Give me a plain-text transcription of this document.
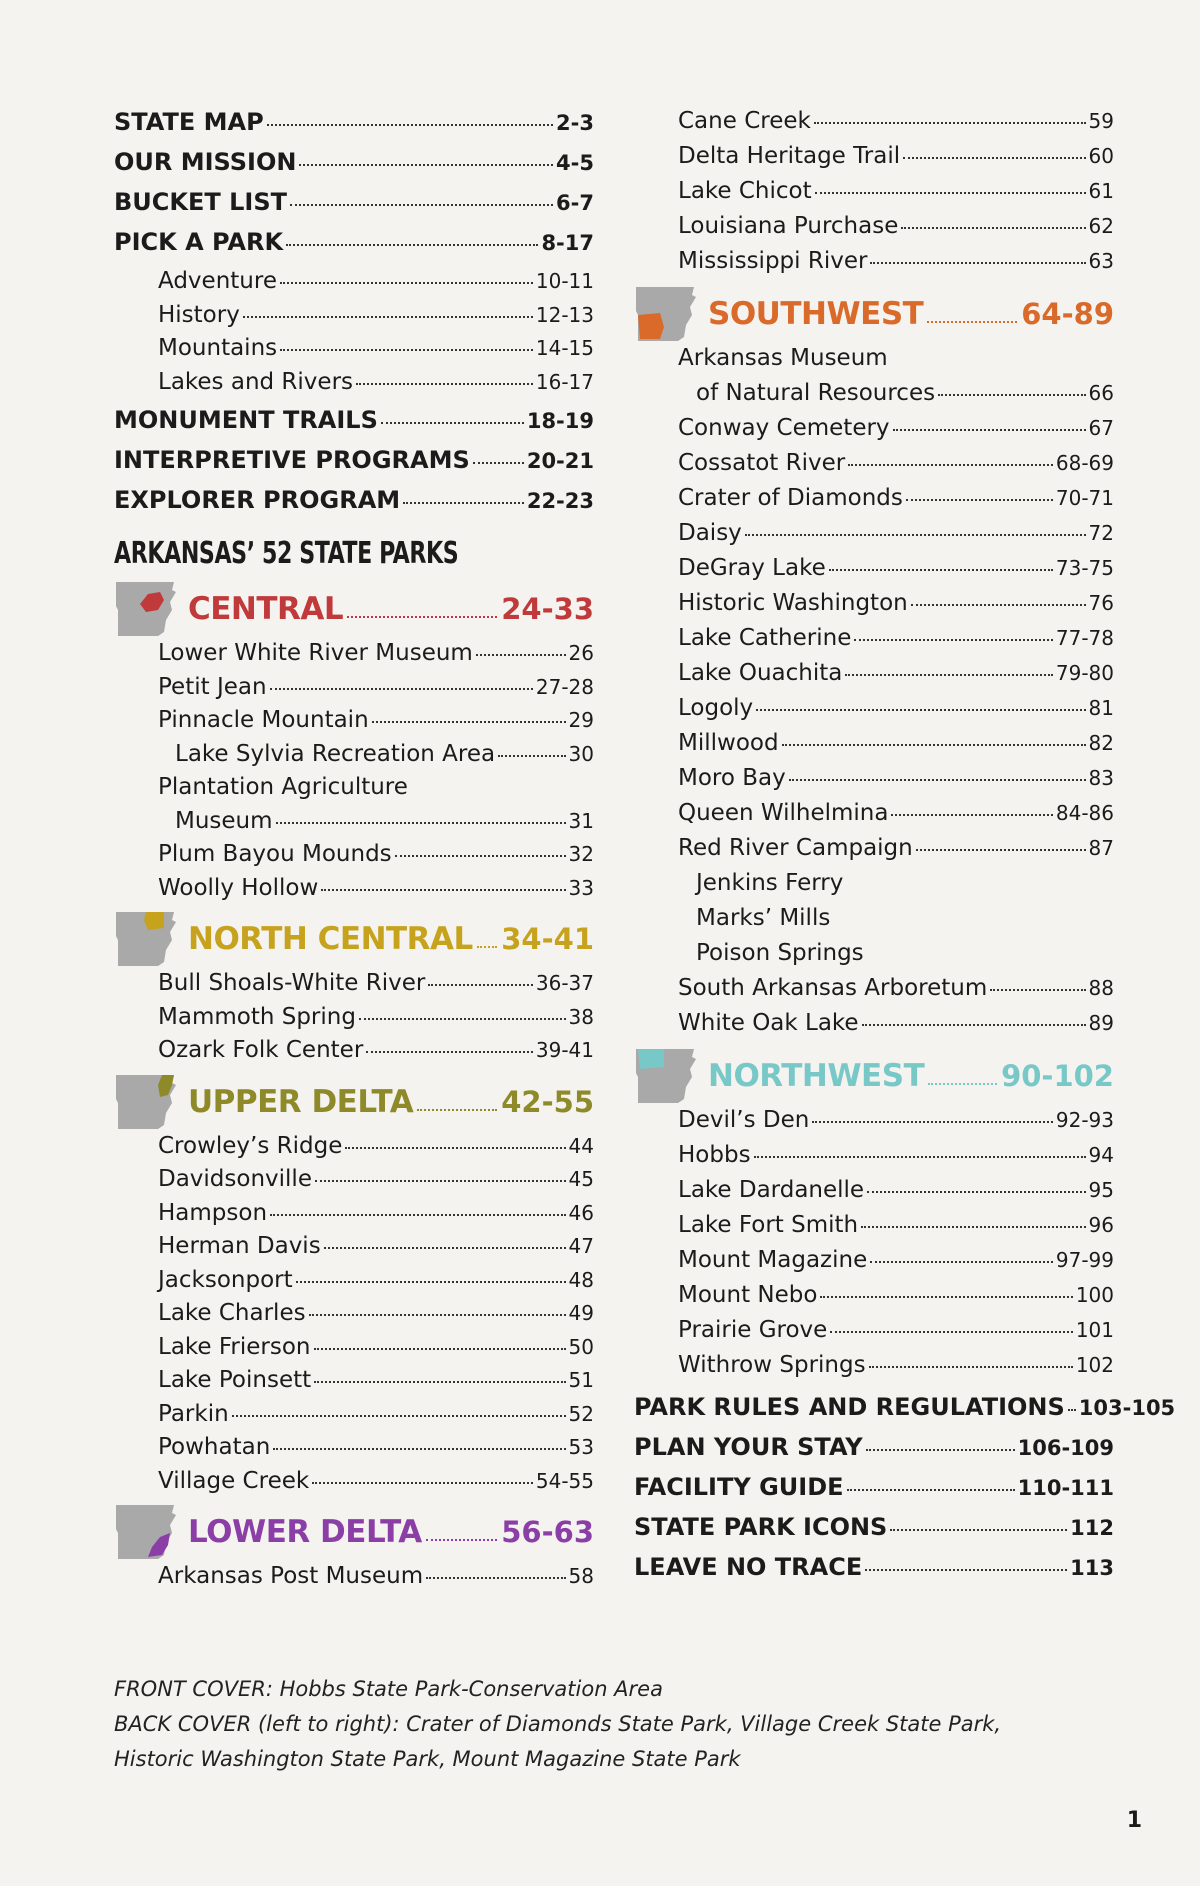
STATE MAP	2-3
OUR MISSION	4-5
BUCKET LIST	6-7
PICK A PARK	8-17
Adventure	10-11
History	12-13
Mountains	14-15
Lakes and Rivers	16-17
MONUMENT TRAILS	18-19
INTERPRETIVE PROGRAMS	20-21
EXPLORER PROGRAM	22-23
ARKANSAS’ 52 STATE PARKS
CENTRAL	24-33
Lower White River Museum	26
Petit Jean	27-28
Pinnacle Mountain	29
Lake Sylvia Recreation Area	30
Plantation Agriculture
Museum	31
Plum Bayou Mounds	32
Woolly Hollow	33
NORTH CENTRAL 34-41
Bull Shoals-White River	36-37
Mammoth Spring	38
Ozark Folk Center	39-41
UPPER DELTA	42-55
Crowley’s Ridge	44
Davidsonville	45
Hampson	46
Herman Davis	47
Jacksonport	48
Lake Charles	49
Lake Frierson	50
Lake Poinsett	51
Parkin	52
Powhatan	53
Village Creek	54-55
LOWER DELTA	56-63
Arkansas Post Museum	58
Cane Creek	59
Delta Heritage Trail	60
Lake Chicot	61
Louisiana Purchase	62
Mississippi River	63
SOUTHWEST	64-89
Arkansas Museum
of Natural Resources	66
Conway Cemetery	67
Cossatot River	68-69
Crater of Diamonds	70-71
Daisy	72
DeGray Lake	73-75
Historic Washington	76
Lake Catherine	77-78
Lake Ouachita	79-80
Logoly	81
Millwood	82
Moro Bay	83
Queen Wilhelmina	84-86
Red River Campaign	87
Jenkins Ferry
Marks’ Mills
Poison Springs
South Arkansas Arboretum	88
White Oak Lake	89
NORTHWEST	90-102
Devil’s Den	92-93
Hobbs	94
Lake Dardanelle	95
Lake Fort Smith	96
Mount Magazine	97-99
Mount Nebo	100
Prairie Grove	101
Withrow Springs	102
PARK RULES AND REGULATIONS 103-105
PLAN YOUR STAY	106-109
FACILITY GUIDE	110-111
STATE PARK ICONS	112
LEAVE NO TRACE	113
FRONT COVER: Hobbs State Park-Conservation Area
BACK COVER (left to right): Crater of Diamonds State Park, Village Creek State Park,
Historic Washington State Park, Mount Magazine State Park
1
